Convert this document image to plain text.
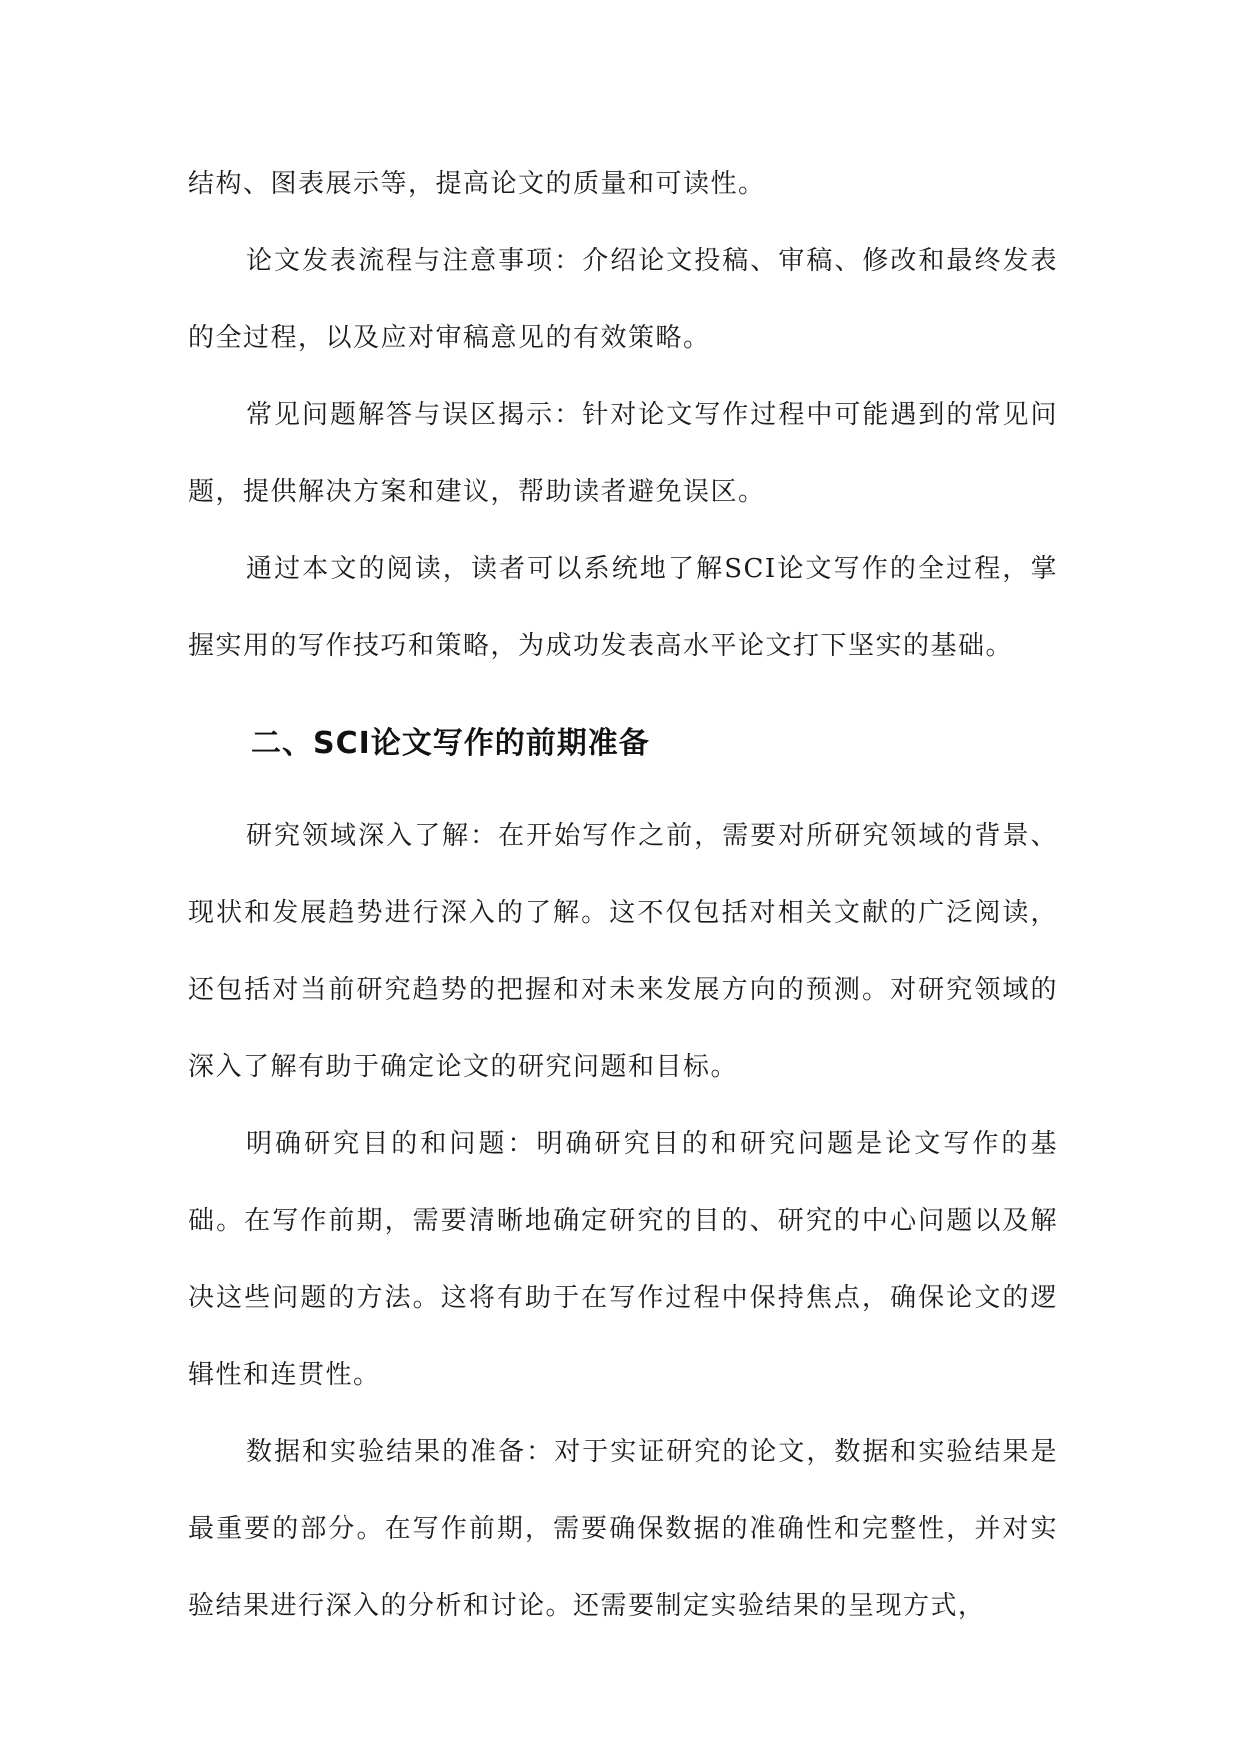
结构、图表展示等，提高论文的质量和可读性。

论文发表流程与注意事项：介绍论文投稿、审稿、修改和最终发表的全过程，以及应对审稿意见的有效策略。

常见问题解答与误区揭示：针对论文写作过程中可能遇到的常见问题，提供解决方案和建议，帮助读者避免误区。

通过本文的阅读，读者可以系统地了解SCI论文写作的全过程，掌握实用的写作技巧和策略，为成功发表高水平论文打下坚实的基础。

二、SCI论文写作的前期准备

研究领域深入了解：在开始写作之前，需要对所研究领域的背景、现状和发展趋势进行深入的了解。这不仅包括对相关文献的广泛阅读，还包括对当前研究趋势的把握和对未来发展方向的预测。对研究领域的深入了解有助于确定论文的研究问题和目标。

明确研究目的和问题：明确研究目的和研究问题是论文写作的基础。在写作前期，需要清晰地确定研究的目的、研究的中心问题以及解决这些问题的方法。这将有助于在写作过程中保持焦点，确保论文的逻辑性和连贯性。

数据和实验结果的准备：对于实证研究的论文，数据和实验结果是最重要的部分。在写作前期，需要确保数据的准确性和完整性，并对实验结果进行深入的分析和讨论。还需要制定实验结果的呈现方式，
